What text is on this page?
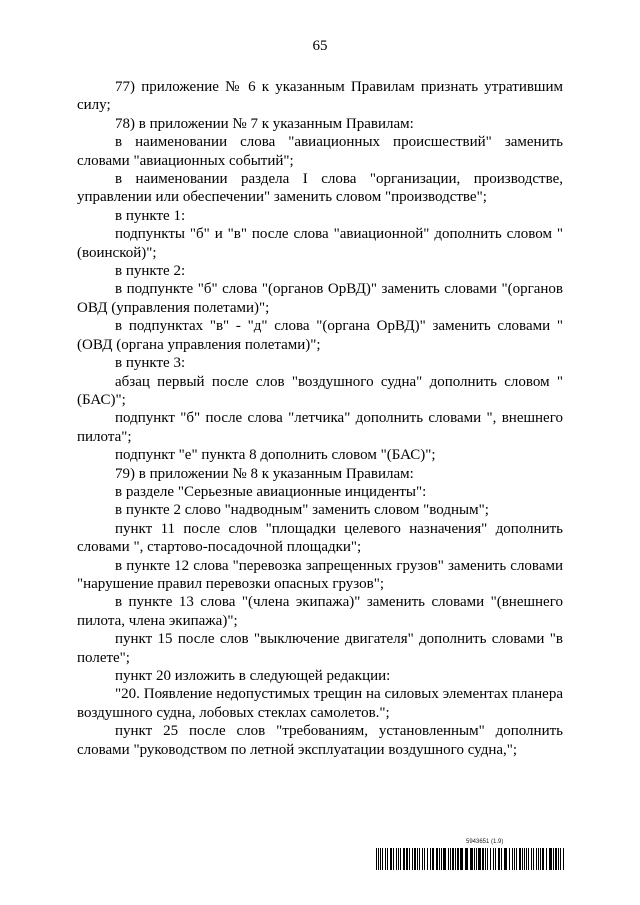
65

77) приложение № 6 к указанным Правилам признать утратившим силу;

78) в приложении № 7 к указанным Правилам:

в наименовании слова "авиационных происшествий" заменить словами "авиационных событий";

в наименовании раздела I слова "организации, производстве, управлении или обеспечении" заменить словом "производстве";

в пункте 1:

подпункты "б" и "в" после слова "авиационной" дополнить словом "(воинской)";

в пункте 2:

в подпункте "б" слова "(органов ОрВД)" заменить словами "(органов ОВД (управления полетами)";

в подпунктах "в" - "д" слова "(органа ОрВД)" заменить словами "(ОВД (органа управления полетами)";

в пункте 3:

абзац первый после слов "воздушного судна" дополнить словом "(БАС)";

подпункт "б" после слова "летчика" дополнить словами ", внешнего пилота";

подпункт "е" пункта 8 дополнить словом "(БАС)";

79) в приложении № 8 к указанным Правилам:

в разделе "Серьезные авиационные инциденты":

в пункте 2 слово "надводным" заменить словом "водным";

пункт 11 после слов "площадки целевого назначения" дополнить словами ", стартово-посадочной площадки";

в пункте 12 слова "перевозка запрещенных грузов" заменить словами "нарушение правил перевозки опасных грузов";

в пункте 13 слова "(члена экипажа)" заменить словами "(внешнего пилота, члена экипажа)";

пункт 15 после слов "выключение двигателя" дополнить словами "в полете";

пункт 20 изложить в следующей редакции:

"20. Появление недопустимых трещин на силовых элементах планера воздушного судна, лобовых стеклах самолетов.";

пункт 25 после слов "требованиям, установленным" дополнить словами "руководством по летной эксплуатации воздушного судна,";

5943651 (1.9)
